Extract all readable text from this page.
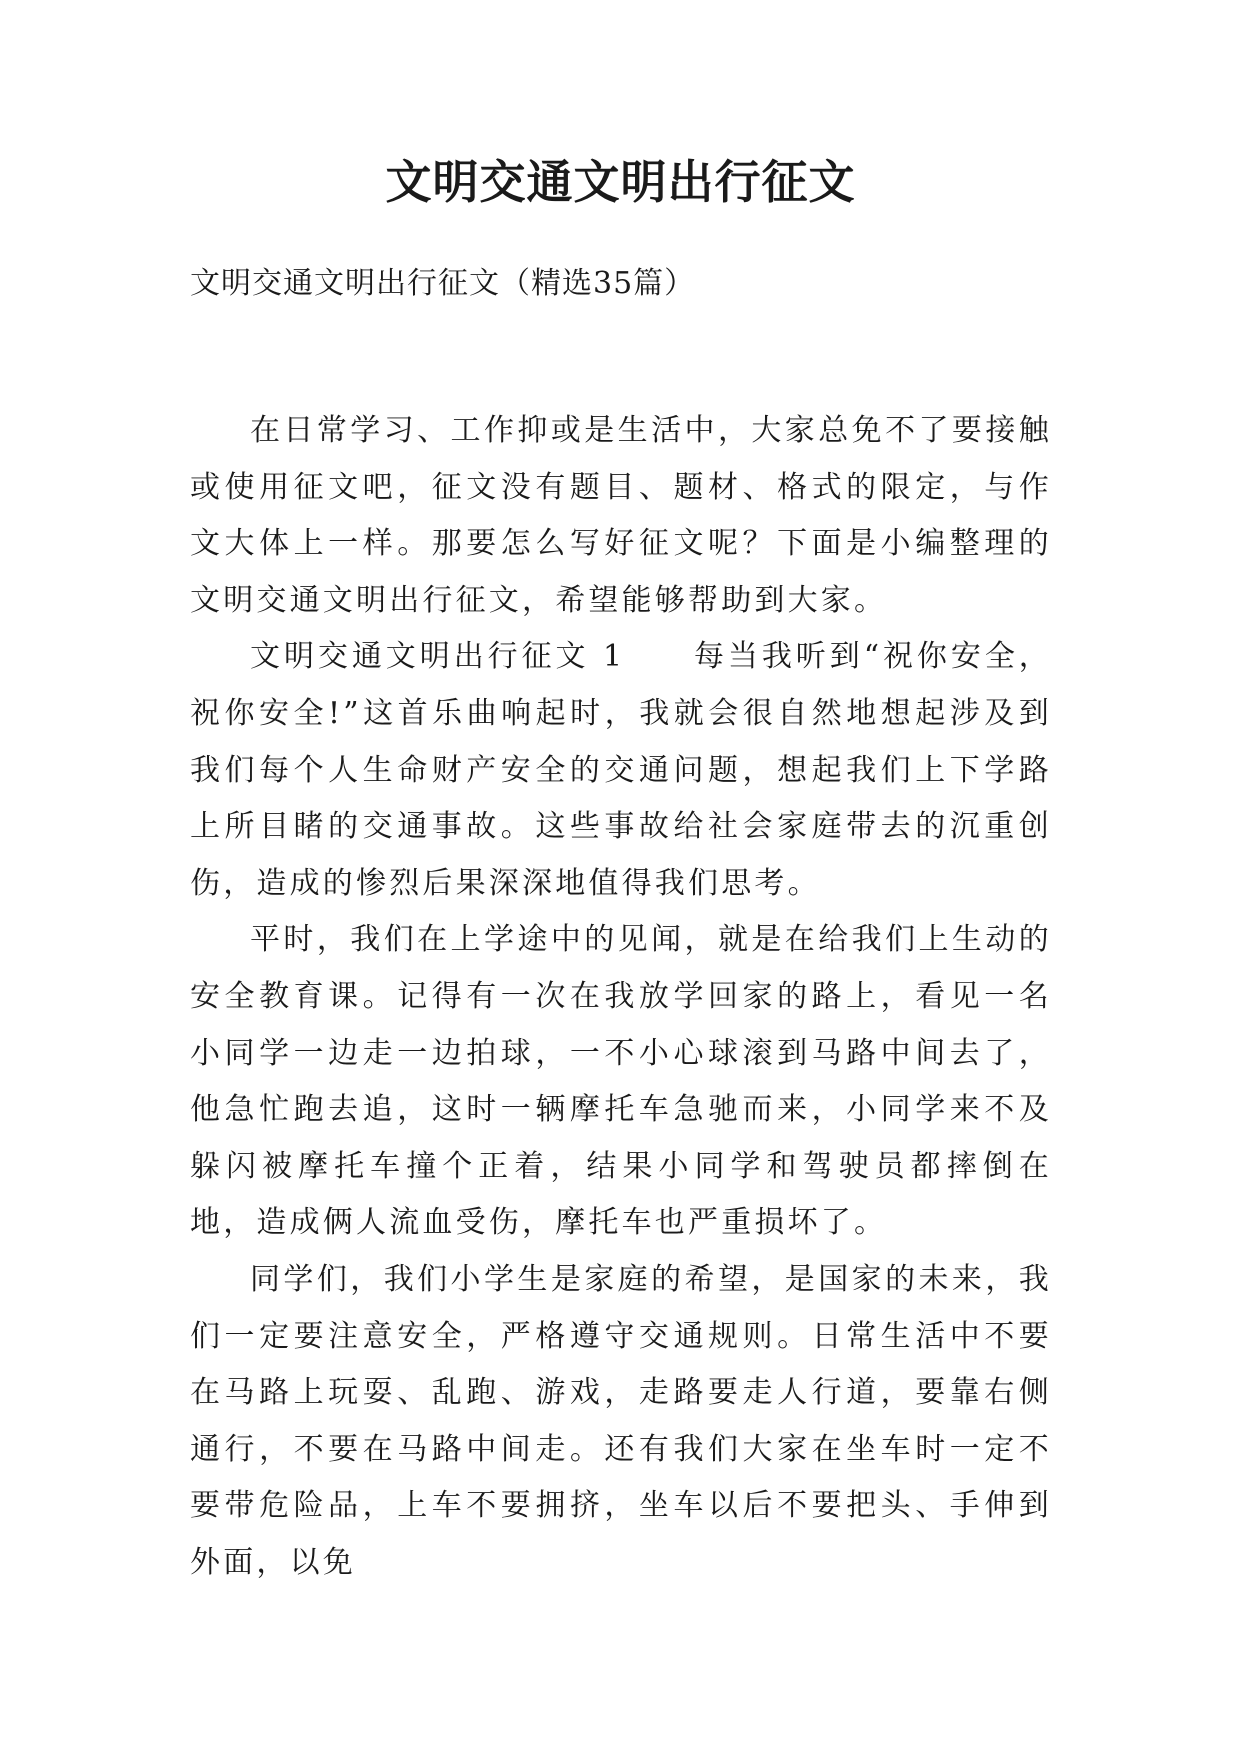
文明交通文明出行征文
文明交通文明出行征文（精选35篇）

在日常学习、工作抑或是生活中，大家总免不了要接触或使用征文吧，征文没有题目、题材、格式的限定，与作文大体上一样。那要怎么写好征文呢？下面是小编整理的文明交通文明出行征文，希望能够帮助到大家。

文明交通文明出行征文 1　　每当我听到“祝你安全，祝你安全!”这首乐曲响起时，我就会很自然地想起涉及到我们每个人生命财产安全的交通问题，想起我们上下学路上所目睹的交通事故。这些事故给社会家庭带去的沉重创伤，造成的惨烈后果深深地值得我们思考。

平时，我们在上学途中的见闻，就是在给我们上生动的安全教育课。记得有一次在我放学回家的路上，看见一名小同学一边走一边拍球，一不小心球滚到马路中间去了，他急忙跑去追，这时一辆摩托车急驰而来，小同学来不及躲闪被摩托车撞个正着，结果小同学和驾驶员都摔倒在地，造成俩人流血受伤，摩托车也严重损坏了。

同学们，我们小学生是家庭的希望，是国家的未来，我们一定要注意安全，严格遵守交通规则。日常生活中不要在马路上玩耍、乱跑、游戏，走路要走人行道，要靠右侧通行，不要在马路中间走。还有我们大家在坐车时一定不要带危险品，上车不要拥挤，坐车以后不要把头、手伸到外面，以免
